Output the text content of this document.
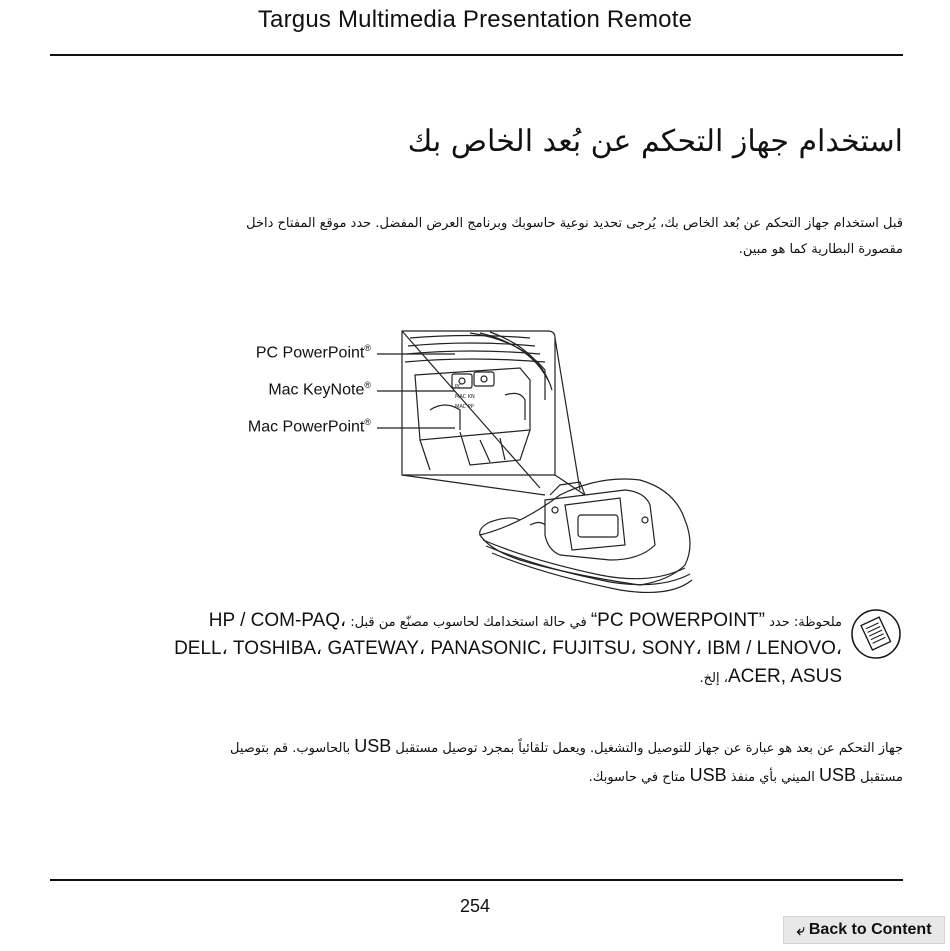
Targus Multimedia Presentation Remote
استخدام جهاز التحكم عن بُعد الخاص بك
قبل استخدام جهاز التحكم عن بُعد الخاص بك، يُرجى تحديد نوعية حاسوبك وبرنامج العرض المفضل. حدد موقع المفتاح داخل مقصورة البطارية كما هو مبين.
PC PowerPoint®
Mac KeyNote®
Mac PowerPoint®
PC
MAC KN
MAC PP
ملحوظة: حدد “PC POWERPOINT” في حالة استخدامك لحاسوب مصنّع من قبل: HP / COM-PAQ، DELL، TOSHIBA، GATEWAY، PANASONIC، FUJITSU، SONY، IBM / LENOVO، ACER, ASUS، إلخ.
جهاز التحكم عن بعد هو عبارة عن جهاز للتوصيل والتشغيل. ويعمل تلقائياً بمجرد توصيل مستقبل USB بالحاسوب. قم بتوصيل مستقبل USB الميني بأي منفذ USB متاح في حاسوبك.
254
⤶ Back to Content
